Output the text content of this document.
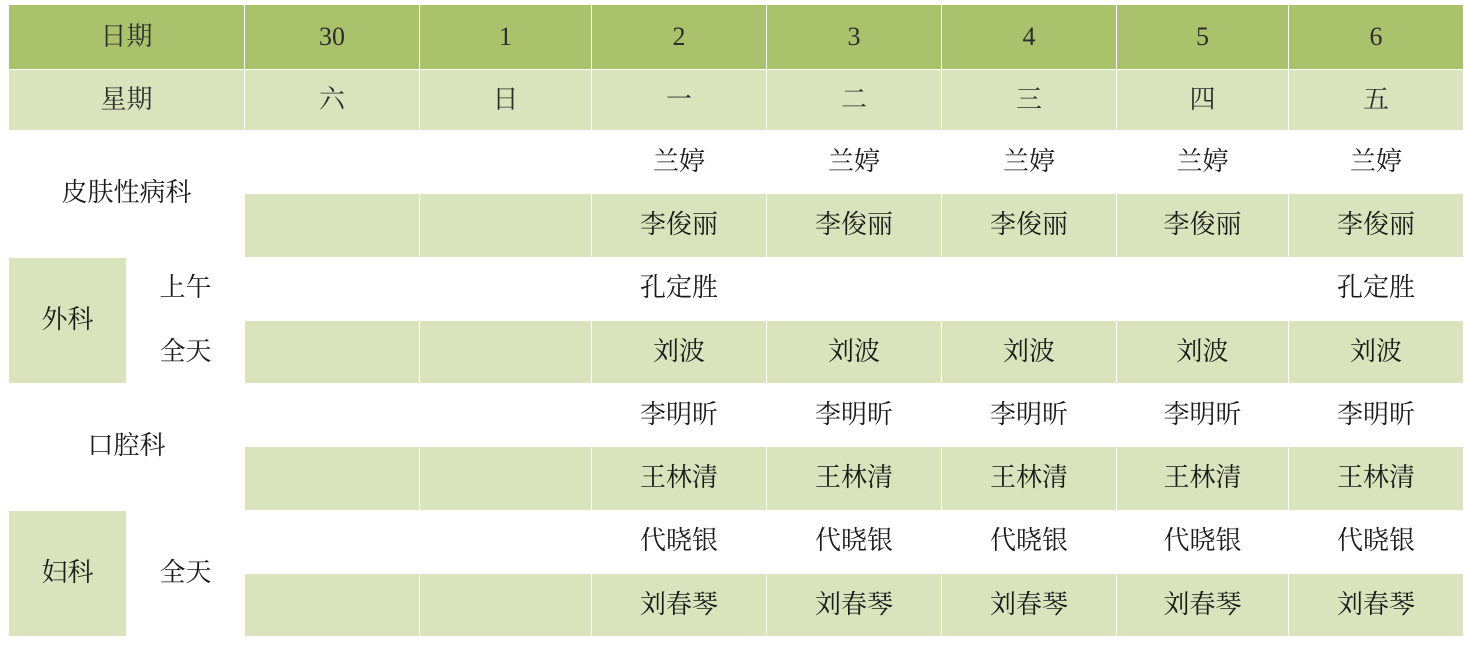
日期		30	1	2	3	4	5	6
星期		六	日	一	二	三	四	五
皮肤性病科				兰婷	兰婷	兰婷	兰婷	兰婷
				李俊丽	李俊丽	李俊丽	李俊丽	李俊丽
外科	上午			孔定胜				孔定胜
	全天			刘波	刘波	刘波	刘波	刘波
口腔科				李明昕	李明昕	李明昕	李明昕	李明昕
				王林清	王林清	王林清	王林清	王林清
妇科	全天			代晓银	代晓银	代晓银	代晓银	代晓银
				刘春琴	刘春琴	刘春琴	刘春琴	刘春琴
